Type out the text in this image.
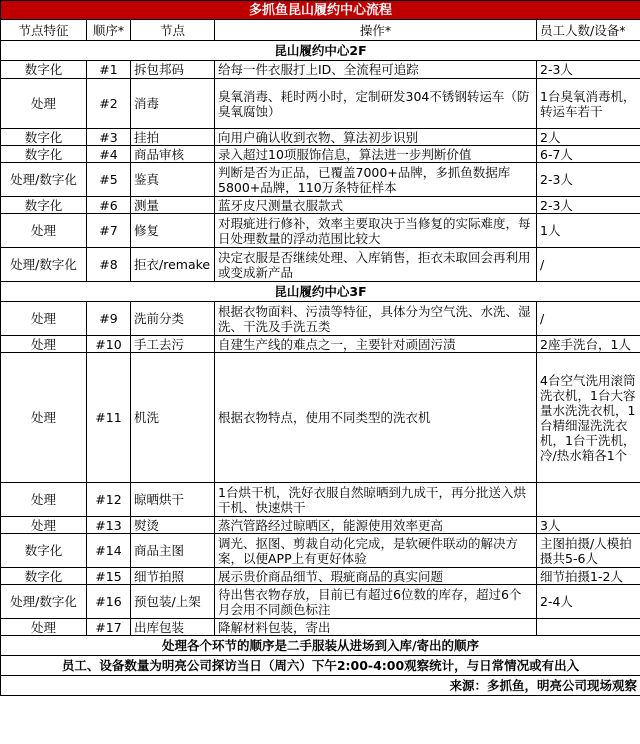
多抓鱼昆山履约中心流程				
节点特征	顺序*	节点	操作*	员工人数/设备*
昆山履约中心2F				
数字化	#1	拆包邦码	给每一件衣服打上ID、全流程可追踪	2-3人
处理	#2	消毒	臭氧消毒、耗时两小时，定制研发304不锈钢转运车（防臭氧腐蚀）	1台臭氧消毒机，转运车若干
数字化	#3	挂拍	向用户确认收到衣物、算法初步识别	2人
数字化	#4	商品审核	录入超过10项服饰信息，算法进一步判断价值	6-7人
处理/数字化	#5	鉴真	判断是否为正品，已覆盖7000+品牌，多抓鱼数据库5800+品牌，110万条特征样本	2-3人
数字化	#6	测量	蓝牙皮尺测量衣服款式	2-3人
处理	#7	修复	对瑕疵进行修补，效率主要取决于当修复的实际难度，每日处理数量的浮动范围比较大	1人
处理/数字化	#8	拒衣/remake	决定衣服是否继续处理、入库销售，拒衣未取回会再利用或变成新产品	/
昆山履约中心3F				
处理	#9	洗前分类	根据衣物面料、污渍等特征，具体分为空气洗、水洗、湿洗、干洗及手洗五类	/
处理	#10	手工去污	自建生产线的难点之一，主要针对顽固污渍	2座手洗台，1人
处理	#11	机洗	根据衣物特点，使用不同类型的洗衣机	4台空气洗用滚筒洗衣机，1台大容量水洗洗衣机，1台精细湿洗洗衣机，1台干洗机，冷/热水箱各1个
处理	#12	晾晒烘干	1台烘干机，洗好衣服自然晾晒到九成干，再分批送入烘干机、快速烘干	
处理	#13	熨烫	蒸汽管路经过晾晒区，能源使用效率更高	3人
数字化	#14	商品主图	调光、抠图、剪裁自动化完成，是软硬件联动的解决方案，以便APP上有更好体验	主图拍摄/人模拍摄共5-6人
数字化	#15	细节拍照	展示贵价商品细节、瑕疵商品的真实问题	细节拍摄1-2人
处理/数字化	#16	预包装/上架	待出售衣物存放，目前已有超过6位数的库存，超过6个月会用不同颜色标注	2-4人
处理	#17	出库包装	降解材料包装，寄出	
处理各个环节的顺序是二手服装从进场到入库/寄出的顺序				
员工、设备数量为明亮公司探访当日（周六）下午2:00-4:00观察统计，与日常情况或有出入				
来源：多抓鱼，明亮公司现场观察				
